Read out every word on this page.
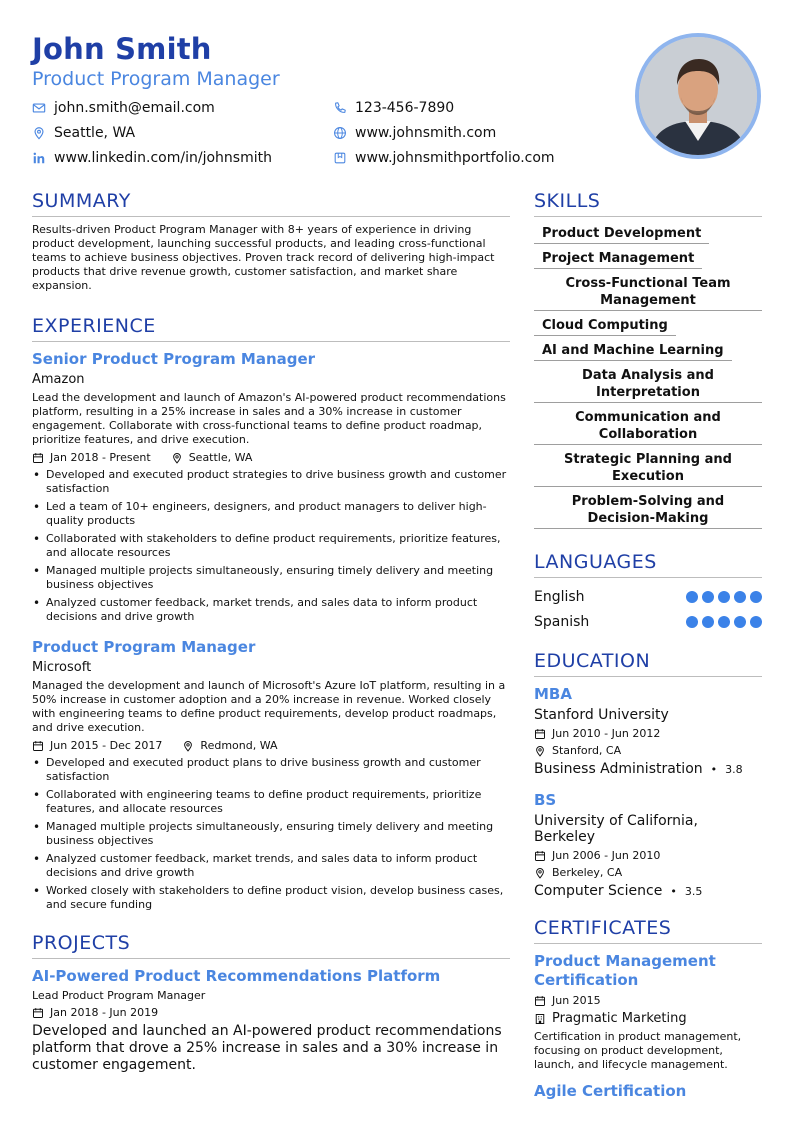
John Smith
Product Program Manager
john.smith@email.com	123-456-7890
Seattle, WA	www.johnsmith.com
www.linkedin.com/in/johnsmith	www.johnsmithportfolio.com
SUMMARY
Results-driven Product Program Manager with 8+ years of experience in driving product development, launching successful products, and leading cross-functional teams to achieve business objectives. Proven track record of delivering high-impact products that drive revenue growth, customer satisfaction, and market share expansion.
EXPERIENCE
Senior Product Program Manager
Amazon
Lead the development and launch of Amazon's AI-powered product recommendations platform, resulting in a 25% increase in sales and a 30% increase in customer engagement. Collaborate with cross-functional teams to define product roadmap, prioritize features, and drive execution.
Jan 2018 - Present	Seattle, WA
• Developed and executed product strategies to drive business growth and customer satisfaction
• Led a team of 10+ engineers, designers, and product managers to deliver high-quality products
• Collaborated with stakeholders to define product requirements, prioritize features, and allocate resources
• Managed multiple projects simultaneously, ensuring timely delivery and meeting business objectives
• Analyzed customer feedback, market trends, and sales data to inform product decisions and drive growth
Product Program Manager
Microsoft
Managed the development and launch of Microsoft's Azure IoT platform, resulting in a 50% increase in customer adoption and a 20% increase in revenue. Worked closely with engineering teams to define product requirements, develop product roadmaps, and drive execution.
Jun 2015 - Dec 2017	Redmond, WA
• Developed and executed product plans to drive business growth and customer satisfaction
• Collaborated with engineering teams to define product requirements, prioritize features, and allocate resources
• Managed multiple projects simultaneously, ensuring timely delivery and meeting business objectives
• Analyzed customer feedback, market trends, and sales data to inform product decisions and drive growth
• Worked closely with stakeholders to define product vision, develop business cases, and secure funding
PROJECTS
AI-Powered Product Recommendations Platform
Lead Product Program Manager
Jan 2018 - Jun 2019
Developed and launched an AI-powered product recommendations platform that drove a 25% increase in sales and a 30% increase in customer engagement.
SKILLS
Product Development
Project Management
Cross-Functional Team Management
Cloud Computing
AI and Machine Learning
Data Analysis and Interpretation
Communication and Collaboration
Strategic Planning and Execution
Problem-Solving and Decision-Making
LANGUAGES
English
Spanish
EDUCATION
MBA
Stanford University
Jun 2010 - Jun 2012
Stanford, CA
Business Administration • 3.8
BS
University of California, Berkeley
Jun 2006 - Jun 2010
Berkeley, CA
Computer Science • 3.5
CERTIFICATES
Product Management Certification
Jun 2015
Pragmatic Marketing
Certification in product management, focusing on product development, launch, and lifecycle management.
Agile Certification
